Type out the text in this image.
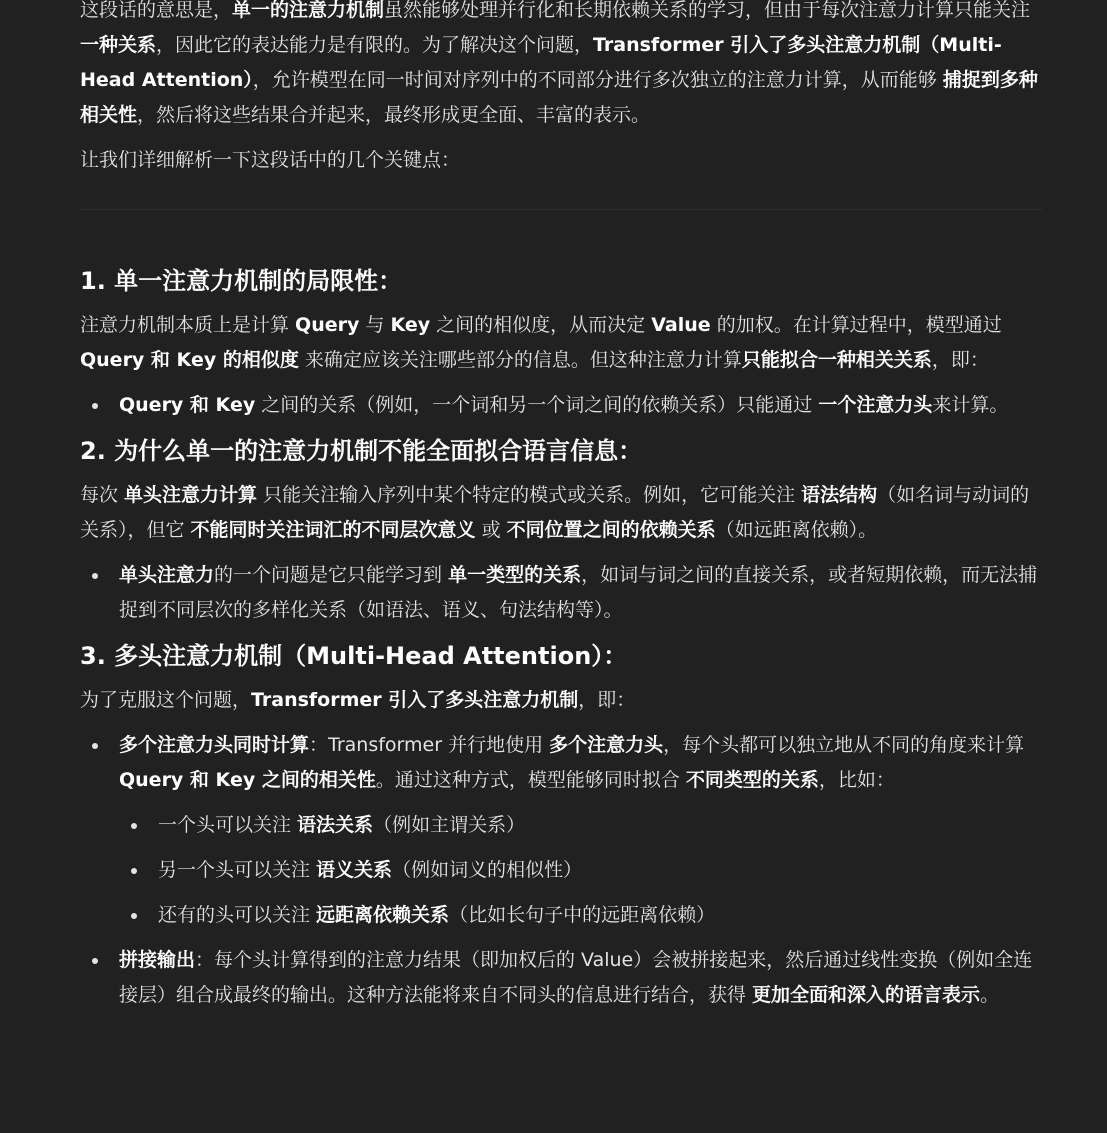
这段话的意思是，单一的注意力机制虽然能够处理并行化和长期依赖关系的学习，但由于每次注意力计算只能关注 一种关系，因此它的表达能力是有限的。为了解决这个问题，Transformer 引入了多头注意力机制（Multi-Head Attention），允许模型在同一时间对序列中的不同部分进行多次独立的注意力计算，从而能够 捕捉到多种相关性，然后将这些结果合并起来，最终形成更全面、丰富的表示。

让我们详细解析一下这段话中的几个关键点：

1. 单一注意力机制的局限性：

注意力机制本质上是计算 Query 与 Key 之间的相似度，从而决定 Value 的加权。在计算过程中，模型通过 Query 和 Key 的相似度 来确定应该关注哪些部分的信息。但这种注意力计算只能拟合一种相关关系，即：

Query 和 Key 之间的关系（例如，一个词和另一个词之间的依赖关系）只能通过 一个注意力头来计算。
2. 为什么单一的注意力机制不能全面拟合语言信息：

每次 单头注意力计算 只能关注输入序列中某个特定的模式或关系。例如，它可能关注 语法结构（如名词与动词的关系），但它 不能同时关注词汇的不同层次意义 或 不同位置之间的依赖关系（如远距离依赖）。

单头注意力的一个问题是它只能学习到 单一类型的关系，如词与词之间的直接关系，或者短期依赖，而无法捕捉到不同层次的多样化关系（如语法、语义、句法结构等）。
3. 多头注意力机制（Multi-Head Attention）：

为了克服这个问题，Transformer 引入了多头注意力机制，即：

多个注意力头同时计算：Transformer 并行地使用 多个注意力头，每个头都可以独立地从不同的角度来计算 Query 和 Key 之间的相关性。通过这种方式，模型能够同时拟合 不同类型的关系，比如：
一个头可以关注 语法关系（例如主谓关系）
另一个头可以关注 语义关系（例如词义的相似性）
还有的头可以关注 远距离依赖关系（比如长句子中的远距离依赖）
拼接输出：每个头计算得到的注意力结果（即加权后的 Value）会被拼接起来，然后通过线性变换（例如全连接层）组合成最终的输出。这种方法能将来自不同头的信息进行结合，获得 更加全面和深入的语言表示。
